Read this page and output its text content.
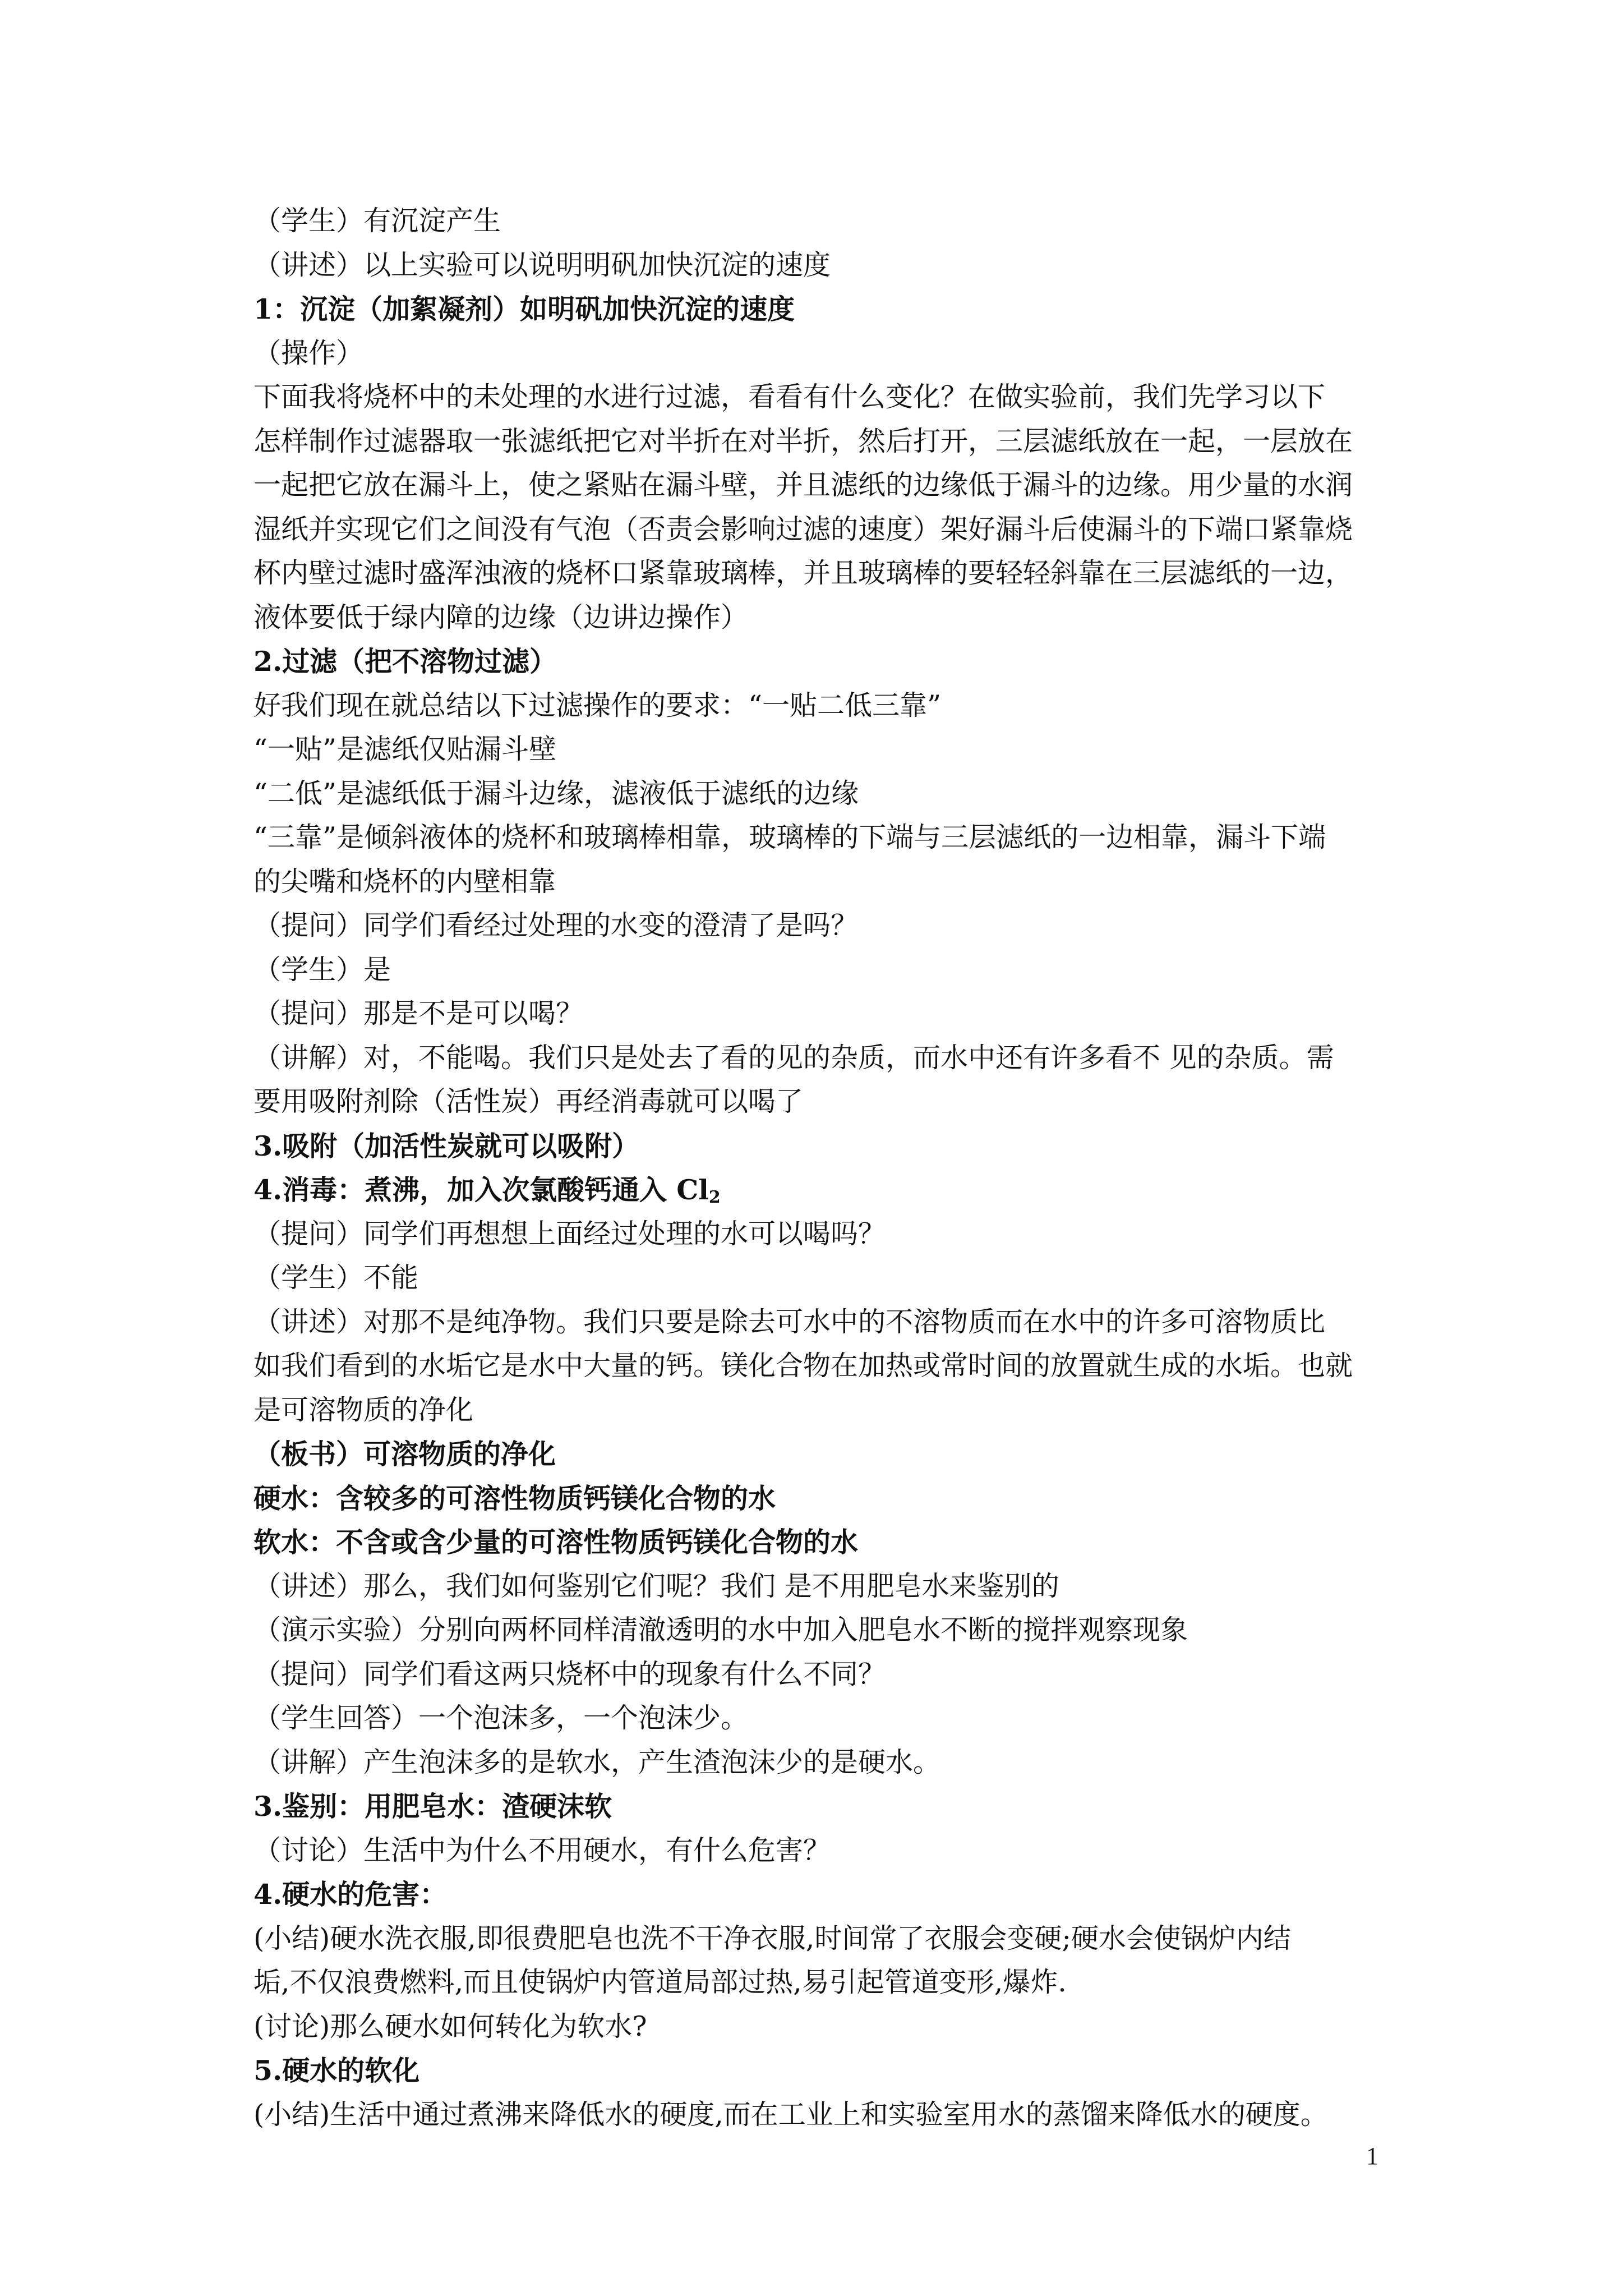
（学生）有沉淀产生
（讲述）以上实验可以说明明矾加快沉淀的速度
1：沉淀（加絮凝剂）如明矾加快沉淀的速度
（操作）
下面我将烧杯中的未处理的水进行过滤，看看有什么变化？在做实验前，我们先学习以下
怎样制作过滤器取一张滤纸把它对半折在对半折，然后打开，三层滤纸放在一起，一层放在
一起把它放在漏斗上，使之紧贴在漏斗壁，并且滤纸的边缘低于漏斗的边缘。用少量的水润
湿纸并实现它们之间没有气泡（否责会影响过滤的速度）架好漏斗后使漏斗的下端口紧靠烧
杯内壁过滤时盛浑浊液的烧杯口紧靠玻璃棒，并且玻璃棒的要轻轻斜靠在三层滤纸的一边，
液体要低于绿内障的边缘（边讲边操作）
2.过滤（把不溶物过滤）
好我们现在就总结以下过滤操作的要求：“一贴二低三靠”
“一贴”是滤纸仅贴漏斗壁
“二低”是滤纸低于漏斗边缘，滤液低于滤纸的边缘
“三靠”是倾斜液体的烧杯和玻璃棒相靠，玻璃棒的下端与三层滤纸的一边相靠，漏斗下端
的尖嘴和烧杯的内壁相靠
（提问）同学们看经过处理的水变的澄清了是吗？
（学生）是
（提问）那是不是可以喝？
（讲解）对，不能喝。我们只是处去了看的见的杂质，而水中还有许多看不 见的杂质。需
要用吸附剂除（活性炭）再经消毒就可以喝了
3.吸附（加活性炭就可以吸附）
4.消毒：煮沸，加入次氯酸钙通入 $Cl_2$
（提问）同学们再想想上面经过处理的水可以喝吗？
（学生）不能
（讲述）对那不是纯净物。我们只要是除去可水中的不溶物质而在水中的许多可溶物质比
如我们看到的水垢它是水中大量的钙。镁化合物在加热或常时间的放置就生成的水垢。也就
是可溶物质的净化
（板书）可溶物质的净化
硬水：含较多的可溶性物质钙镁化合物的水
软水：不含或含少量的可溶性物质钙镁化合物的水
（讲述）那么，我们如何鉴别它们呢？我们 是不用肥皂水来鉴别的
（演示实验）分别向两杯同样清澈透明的水中加入肥皂水不断的搅拌观察现象
（提问）同学们看这两只烧杯中的现象有什么不同？
（学生回答）一个泡沫多，一个泡沫少。
（讲解）产生泡沫多的是软水，产生渣泡沫少的是硬水。
3.鉴别：用肥皂水：渣硬沫软
（讨论）生活中为什么不用硬水，有什么危害？
4.硬水的危害：
(小结)硬水洗衣服,即很费肥皂也洗不干净衣服,时间常了衣服会变硬;硬水会使锅炉内结
垢,不仅浪费燃料,而且使锅炉内管道局部过热,易引起管道变形,爆炸.
(讨论)那么硬水如何转化为软水?
5.硬水的软化
(小结)生活中通过煮沸来降低水的硬度,而在工业上和实验室用水的蒸馏来降低水的硬度。
1
